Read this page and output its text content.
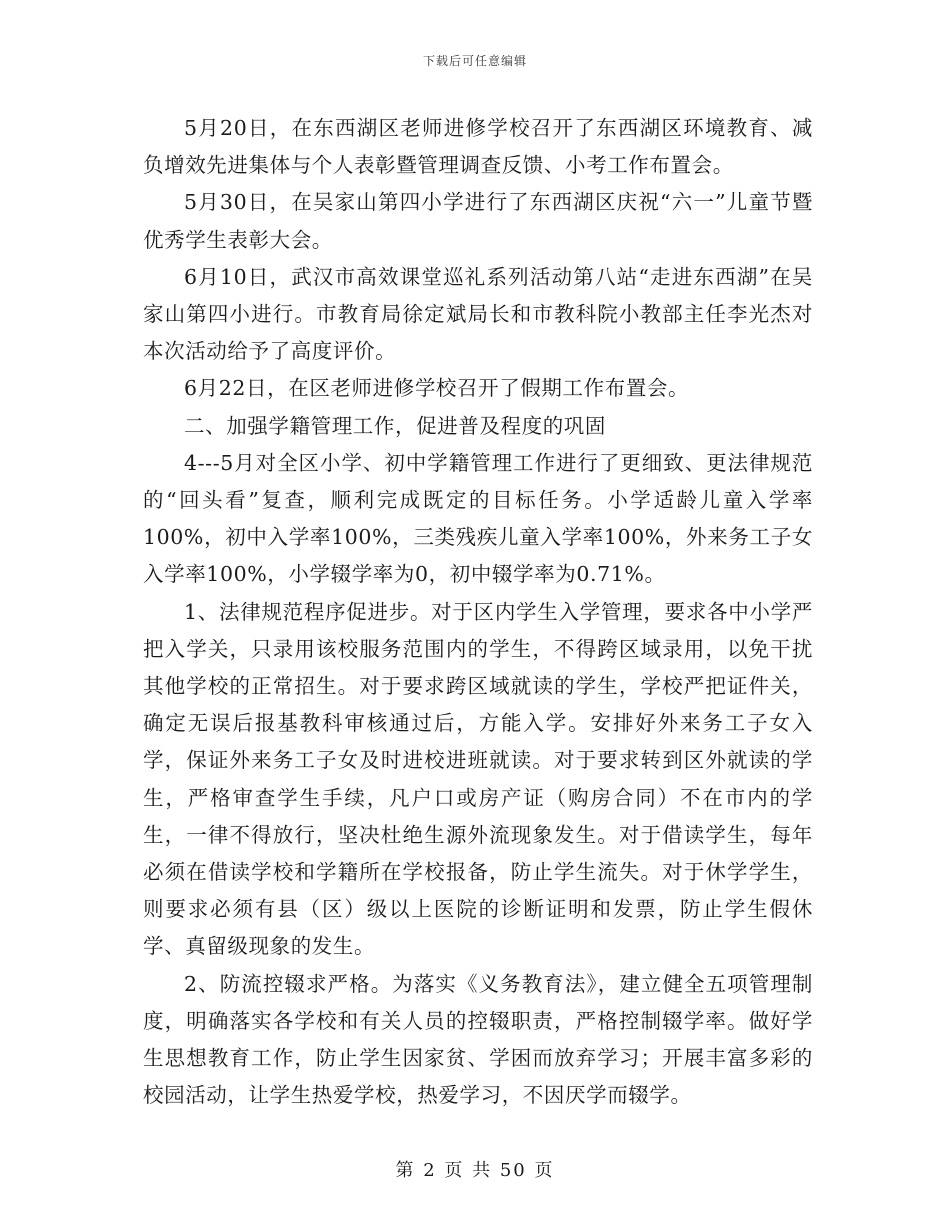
下载后可任意编辑

5月20日，在东西湖区老师进修学校召开了东西湖区环境教育、减负增效先进集体与个人表彰暨管理调查反馈、小考工作布置会。

5月30日，在吴家山第四小学进行了东西湖区庆祝“六一”儿童节暨优秀学生表彰大会。

6月10日，武汉市高效课堂巡礼系列活动第八站“走进东西湖”在吴家山第四小进行。市教育局徐定斌局长和市教科院小教部主任李光杰对本次活动给予了高度评价。

6月22日，在区老师进修学校召开了假期工作布置会。

二、加强学籍管理工作，促进普及程度的巩固

4---5月对全区小学、初中学籍管理工作进行了更细致、更法律规范的“回头看”复查，顺利完成既定的目标任务。小学适龄儿童入学率100%，初中入学率100%，三类残疾儿童入学率100%，外来务工子女入学率100%，小学辍学率为0，初中辍学率为0.71%。

1、法律规范程序促进步。对于区内学生入学管理，要求各中小学严把入学关，只录用该校服务范围内的学生，不得跨区域录用，以免干扰其他学校的正常招生。对于要求跨区域就读的学生，学校严把证件关，确定无误后报基教科审核通过后，方能入学。安排好外来务工子女入学，保证外来务工子女及时进校进班就读。对于要求转到区外就读的学生，严格审查学生手续，凡户口或房产证（购房合同）不在市内的学生，一律不得放行，坚决杜绝生源外流现象发生。对于借读学生，每年必须在借读学校和学籍所在学校报备，防止学生流失。对于休学学生，则要求必须有县（区）级以上医院的诊断证明和发票，防止学生假休学、真留级现象的发生。

2、防流控辍求严格。为落实《义务教育法》，建立健全五项管理制度，明确落实各学校和有关人员的控辍职责，严格控制辍学率。做好学生思想教育工作，防止学生因家贫、学困而放弃学习；开展丰富多彩的校园活动，让学生热爱学校，热爱学习，不因厌学而辍学。

第 2 页 共 50 页
